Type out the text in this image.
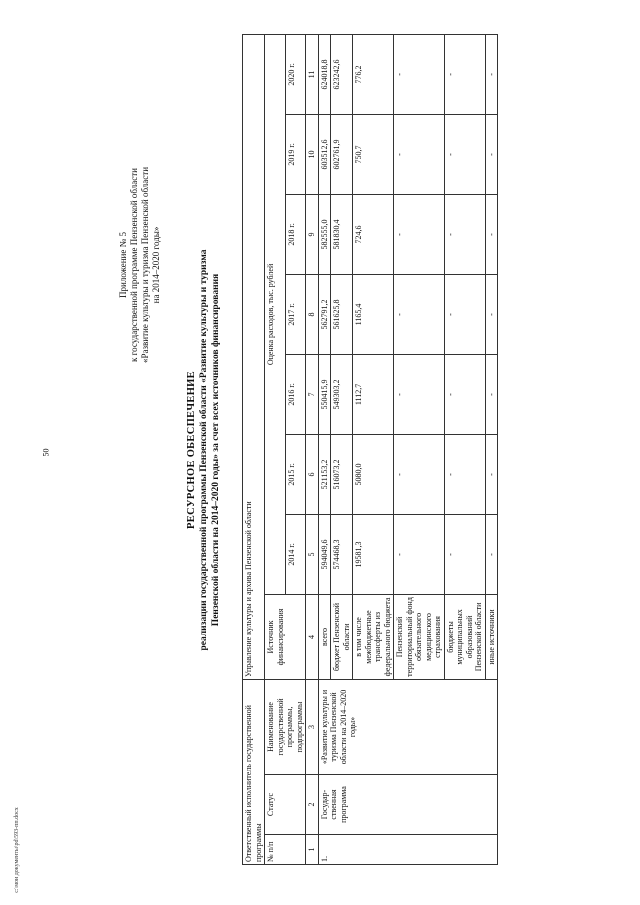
50
c:\мои документы\pd\593-пп.docx
Приложение № 5 к государственной программе Пензенской области «Развитие культуры и туризма Пензенской области на 2014–2020 годы»
РЕСУРСНОЕ ОБЕСПЕЧЕНИЕ реализации государственной программы Пензенской области «Развитие культуры и туризма Пензенской области на 2014–2020 годы» за счет всех источников финансирования
Ответственный исполнитель государственной программы			Управление культуры и архива Пензенской области							
№ п/п	Статус	Наименование государственной программы, подпрограммы	Источник финансирования	Оценка расходов, тыс. рублей						
				2014 г.	2015 г.	2016 г.	2017 г.	2018 г.	2019 г.	2020 г.
1	2	3	4	5	6	7	8	9	10	11
1.	Государ-ственная программа	«Развитие культуры и туризма Пензенской области на 2014–2020 годы»	всего	594049,6	521153,2	550415,9	562791,2	582555,0	603512,6	624018,8
			бюджет Пензенской области	574468,3	516073,2	549303,2	561625,8	581830,4	602761,9	623242,6
			в том числе межбюджетные трансферты из федерального бюджета	19581,3	5080,0	1112,7	1165,4	724,6	750,7	776,2
			Пензенский территориальный фонд обязательного медицинского страхования	-	-	-	-	-	-	-
			бюджеты муниципальных образований Пензенской области	-	-	-	-	-	-	-
			иные источники	-	-	-	-	-	-	-
